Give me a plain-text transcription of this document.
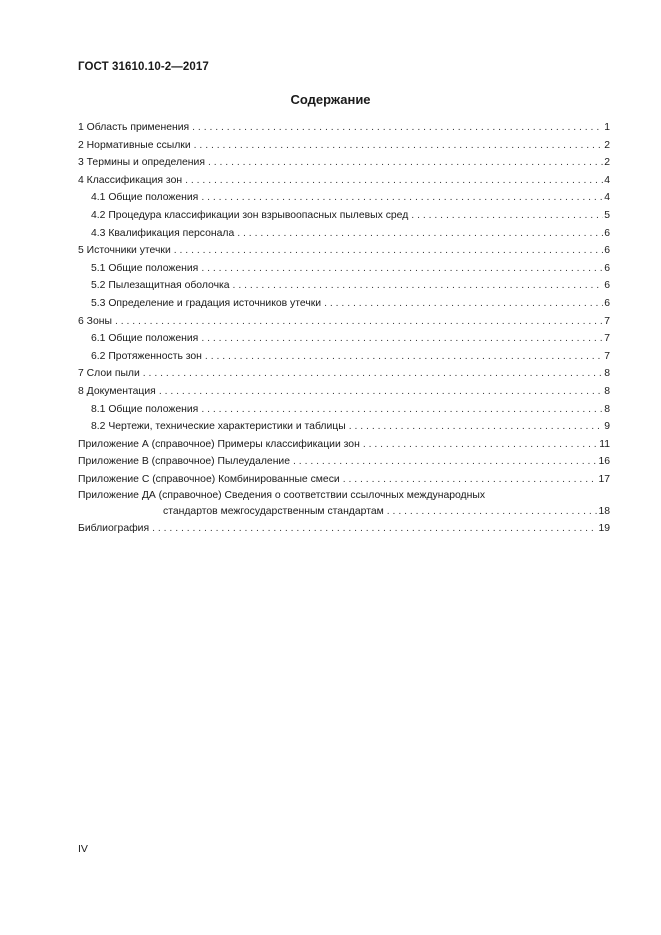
ГОСТ 31610.10-2—2017
Содержание
1 Область применения . . .	1
2 Нормативные ссылки . . .	2
3 Термины и определения . . .	2
4 Классификация зон . . .	4
4.1 Общие положения . . .	4
4.2 Процедура классификации зон взрывоопасных пылевых сред . . .	5
4.3 Квалификация персонала . . .	6
5 Источники утечки . . .	6
5.1 Общие положения . . .	6
5.2 Пылезащитная оболочка . . .	6
5.3 Определение и градация источников утечки . . .	6
6 Зоны . . .	7
6.1 Общие положения . . .	7
6.2 Протяженность зон . . .	7
7 Слои пыли . . .	8
8 Документация . . .	8
8.1 Общие положения . . .	8
8.2 Чертежи, технические характеристики и таблицы . . .	9
Приложение А (справочное) Примеры классификации зон . . .	11
Приложение В (справочное) Пылеудаление . . .	16
Приложение С (справочное) Комбинированные смеси . . .	17
Приложение ДА (справочное) Сведения о соответствии ссылочных международных
стандартов межгосударственным стандартам . . .	18
Библиография . . .	19
IV
